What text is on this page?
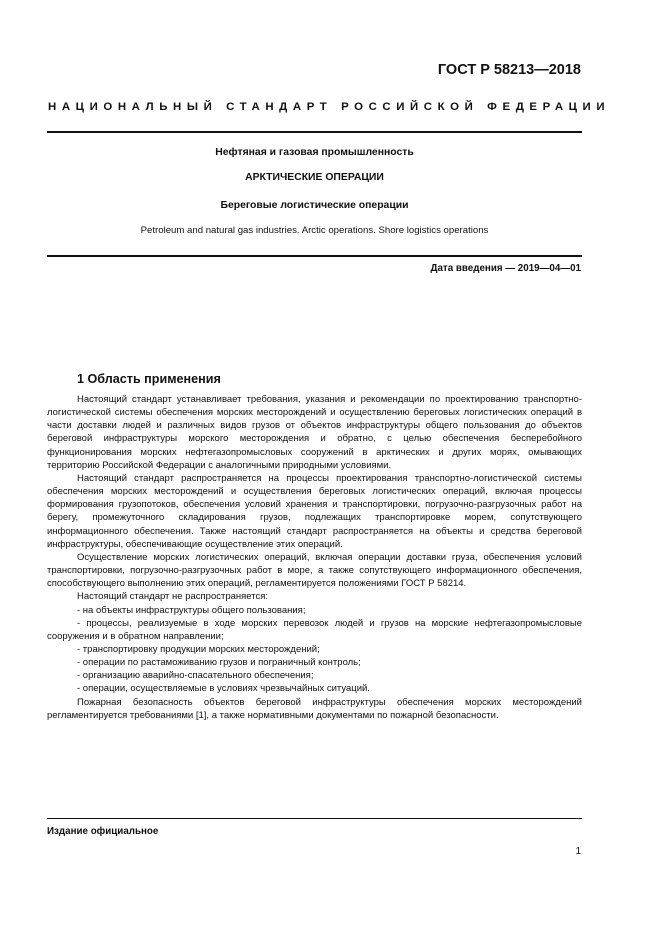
ГОСТ Р 58213—2018
НАЦИОНАЛЬНЫЙ СТАНДАРТ РОССИЙСКОЙ ФЕДЕРАЦИИ
Нефтяная и газовая промышленность
АРКТИЧЕСКИЕ ОПЕРАЦИИ
Береговые логистические операции
Petroleum and natural gas industries. Arctic operations. Shore logistics operations
Дата введения — 2019—04—01
1 Область применения

Настоящий стандарт устанавливает требования, указания и рекомендации по проектированию транспортно-логистической системы обеспечения морских месторождений и осуществлению береговых логистических операций в части доставки людей и различных видов грузов от объектов инфраструктуры общего пользования до объектов береговой инфраструктуры морского месторождения и обратно, с целью обеспечения бесперебойного функционирования морских нефтегазопромысловых сооружений в арктических и других морях, омывающих территорию Российской Федерации с аналогичными природными условиями.

Настоящий стандарт распространяется на процессы проектирования транспортно-логистической системы обеспечения морских месторождений и осуществления береговых логистических операций, включая процессы формирования грузопотоков, обеспечения условий хранения и транспортировки, погрузочно-разгрузочных работ на берегу, промежуточного складирования грузов, подлежащих транспортировке морем, сопутствующего информационного обеспечения. Также настоящий стандарт распространяется на объекты и средства береговой инфраструктуры, обеспечивающие осуществление этих операций.

Осуществление морских логистических операций, включая операции доставки груза, обеспечения условий транспортировки, погрузочно-разгрузочных работ в море, а также сопутствующего информационного обеспечения, способствующего выполнению этих операций, регламентируется положениями ГОСТ Р 58214.

Настоящий стандарт не распространяется:

- на объекты инфраструктуры общего пользования;

- процессы, реализуемые в ходе морских перевозок людей и грузов на морские нефтегазопромысловые сооружения и в обратном направлении;

- транспортировку продукции морских месторождений;

- операции по растаможиванию грузов и пограничный контроль;

- организацию аварийно-спасательного обеспечения;

- операции, осуществляемые в условиях чрезвычайных ситуаций.

Пожарная безопасность объектов береговой инфраструктуры обеспечения морских месторождений регламентируется требованиями [1], а также нормативными документами по пожарной безопасности.

Издание официальное
1
